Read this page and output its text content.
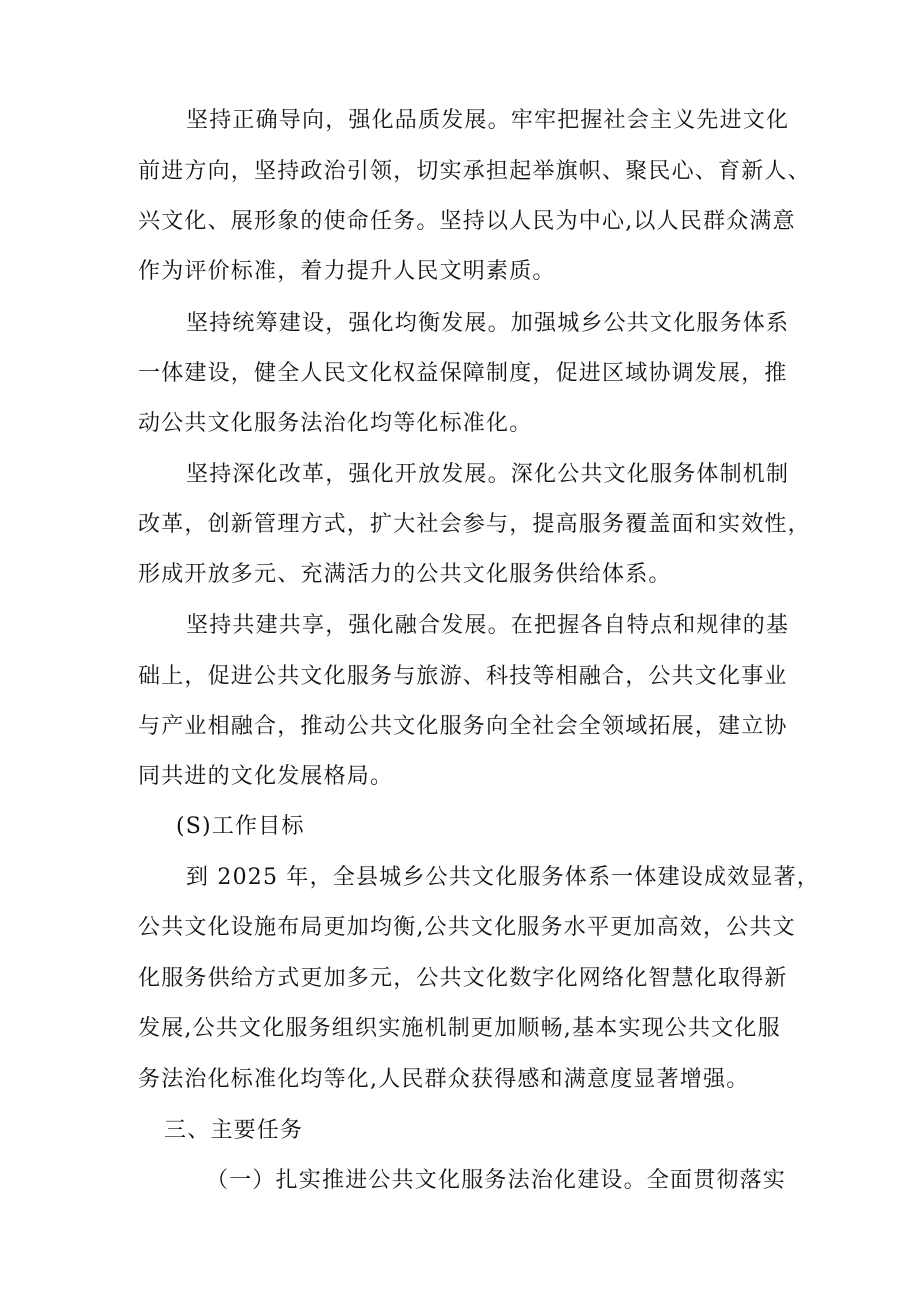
坚持正确导向，强化品质发展。牢牢把握社会主义先进文化
前进方向，坚持政治引领，切实承担起举旗帜、聚民心、育新人、
兴文化、展形象的使命任务。坚持以人民为中心,以人民群众满意
作为评价标准，着力提升人民文明素质。
坚持统筹建设，强化均衡发展。加强城乡公共文化服务体系
一体建设，健全人民文化权益保障制度，促进区域协调发展，推
动公共文化服务法治化均等化标准化。
坚持深化改革，强化开放发展。深化公共文化服务体制机制
改革，创新管理方式，扩大社会参与，提高服务覆盖面和实效性，
形成开放多元、充满活力的公共文化服务供给体系。
坚持共建共享，强化融合发展。在把握各自特点和规律的基
础上，促进公共文化服务与旅游、科技等相融合，公共文化事业
与产业相融合，推动公共文化服务向全社会全领域拓展，建立协
同共进的文化发展格局。
(S)工作目标
到 2025 年，全县城乡公共文化服务体系一体建设成效显著，
公共文化设施布局更加均衡,公共文化服务水平更加高效，公共文
化服务供给方式更加多元，公共文化数字化网络化智慧化取得新
发展,公共文化服务组织实施机制更加顺畅,基本实现公共文化服
务法治化标准化均等化,人民群众获得感和满意度显著增强。
三、主要任务
（一）扎实推进公共文化服务法治化建设。全面贯彻落实
